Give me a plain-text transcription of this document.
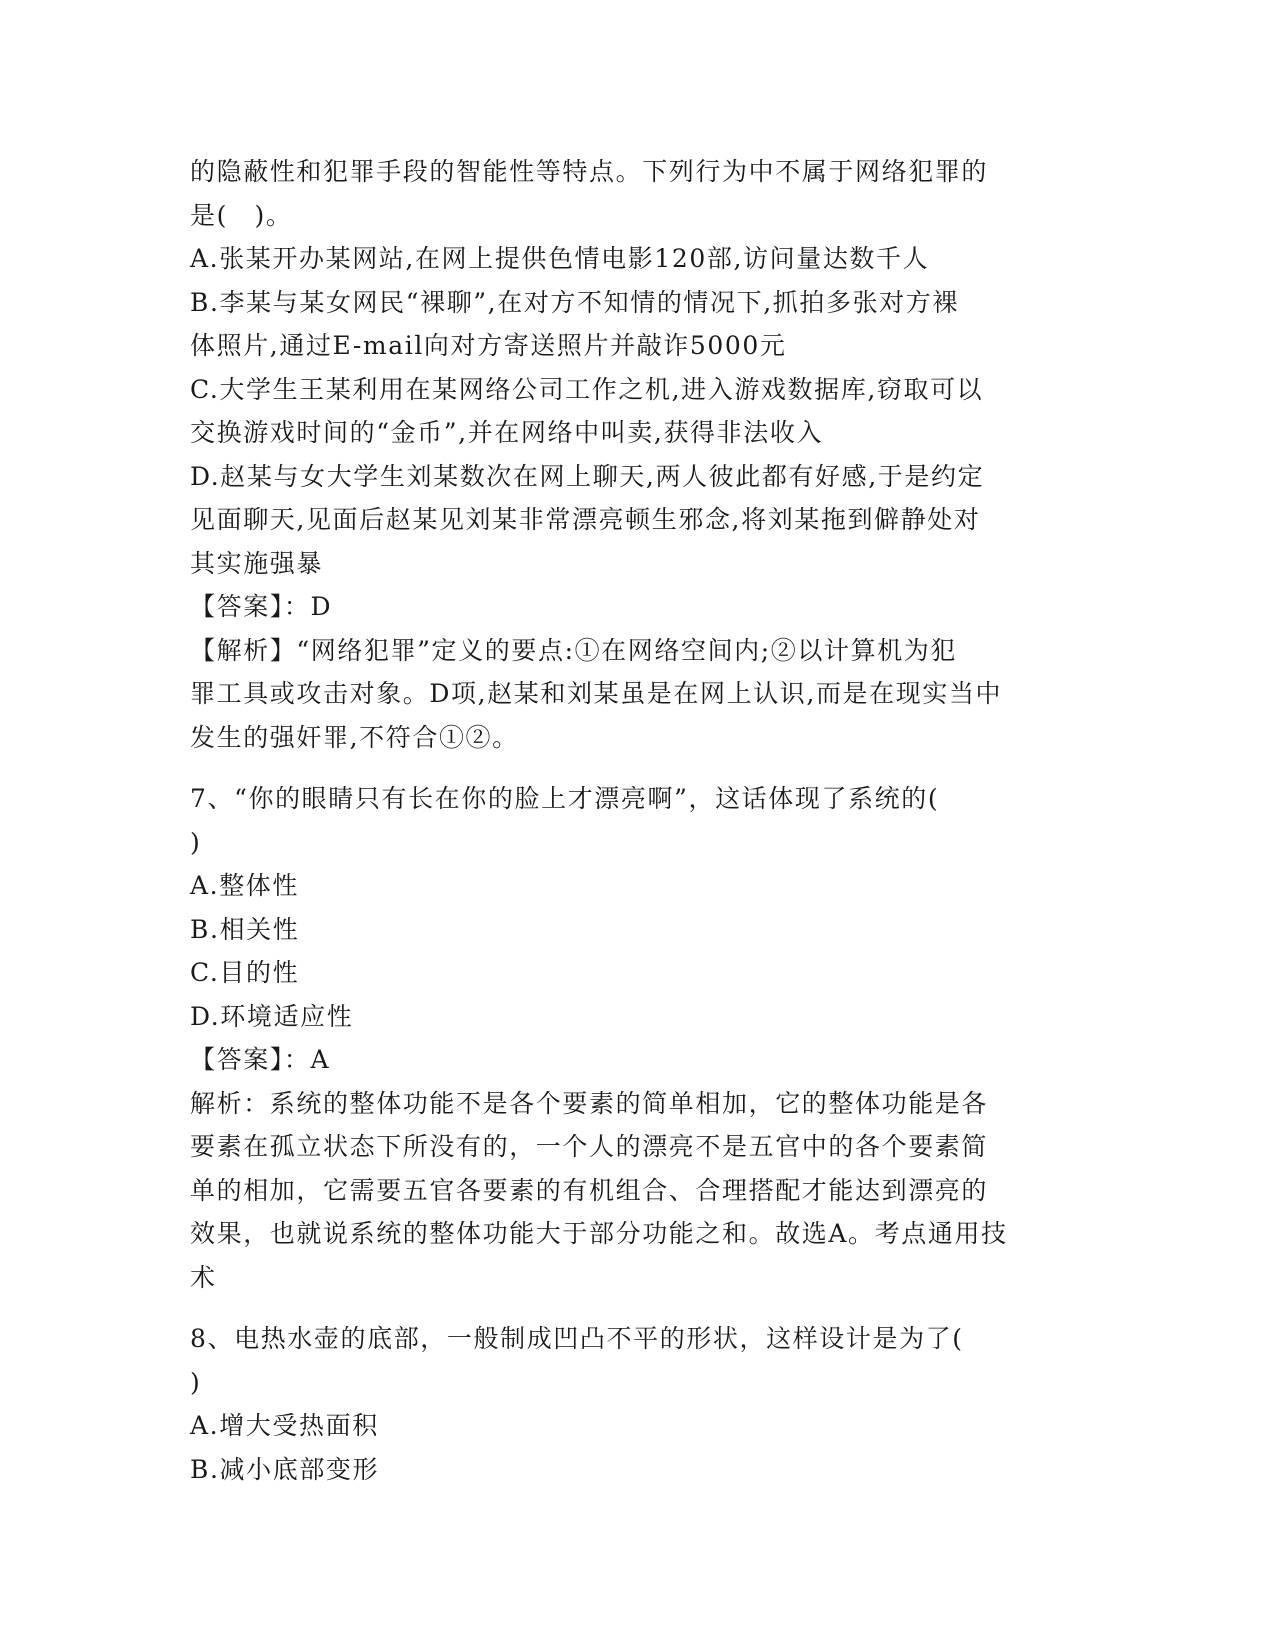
的隐蔽性和犯罪手段的智能性等特点。下列行为中不属于网络犯罪的
是(　)。
A.张某开办某网站,在网上提供色情电影120部,访问量达数千人
B.李某与某女网民“裸聊”,在对方不知情的情况下,抓拍多张对方裸
体照片,通过E-mail向对方寄送照片并敲诈5000元
C.大学生王某利用在某网络公司工作之机,进入游戏数据库,窃取可以
交换游戏时间的“金币”,并在网络中叫卖,获得非法收入
D.赵某与女大学生刘某数次在网上聊天,两人彼此都有好感,于是约定
见面聊天,见面后赵某见刘某非常漂亮顿生邪念,将刘某拖到僻静处对
其实施强暴
【答案】：D
【解析】“网络犯罪”定义的要点:①在网络空间内;②以计算机为犯
罪工具或攻击对象。D项,赵某和刘某虽是在网上认识,而是在现实当中
发生的强奸罪,不符合①②。
7、“你的眼睛只有长在你的脸上才漂亮啊”，这话体现了系统的(
)
A.整体性
B.相关性
C.目的性
D.环境适应性
【答案】：A
解析：系统的整体功能不是各个要素的简单相加，它的整体功能是各
要素在孤立状态下所没有的，一个人的漂亮不是五官中的各个要素简
单的相加，它需要五官各要素的有机组合、合理搭配才能达到漂亮的
效果，也就说系统的整体功能大于部分功能之和。故选A。考点通用技
术
8、电热水壶的底部，一般制成凹凸不平的形状，这样设计是为了(
)
A.增大受热面积
B.减小底部变形
